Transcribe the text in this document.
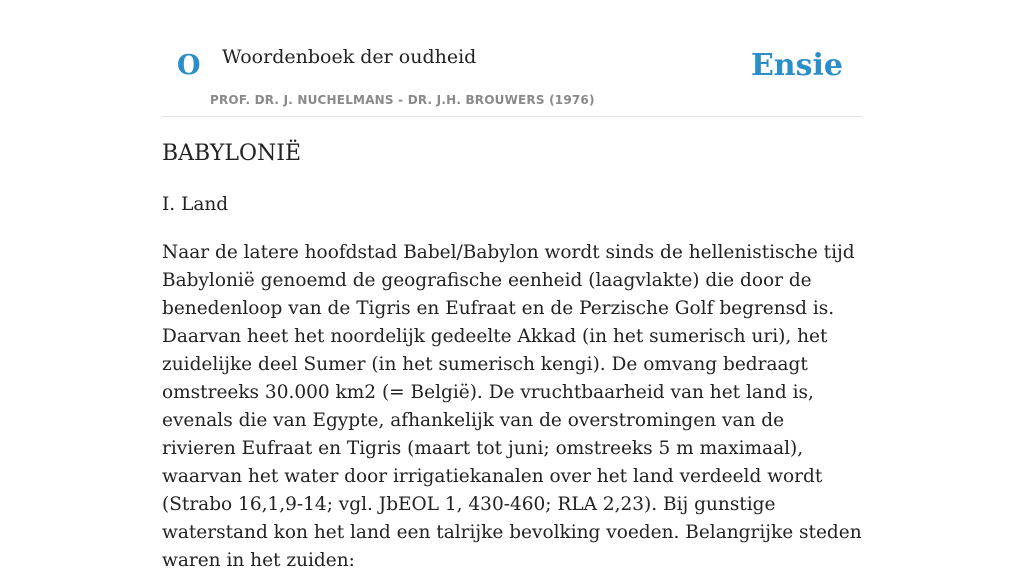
O Woordenboek der oudheid
PROF. DR. J. NUCHELMANS - DR. J.H. BROUWERS (1976)
Ensie
BABYLONIË
I. Land

Naar de latere hoofdstad Babel/Babylon wordt sinds de hellenistische tijd Babylonië genoemd de geografische eenheid (laagvlakte) die door de benedenloop van de Tigris en Eufraat en de Perzische Golf begrensd is. Daarvan heet het noordelijk gedeelte Akkad (in het sumerisch uri), het zuidelijke deel Sumer (in het sumerisch kengi). De omvang bedraagt omstreeks 30.000 km2 (= België). De vruchtbaarheid van het land is, evenals die van Egypte, afhankelijk van de overstromingen van de rivieren Eufraat en Tigris (maart tot juni; omstreeks 5 m maximaal), waarvan het water door irrigatiekanalen over het land verdeeld wordt (Strabo 16,1,9-14; vgl. JbEOL 1, 430-460; RLA 2,23). Bij gunstige waterstand kon het land een talrijke bevolking voeden. Belangrijke steden waren in het zuiden:
